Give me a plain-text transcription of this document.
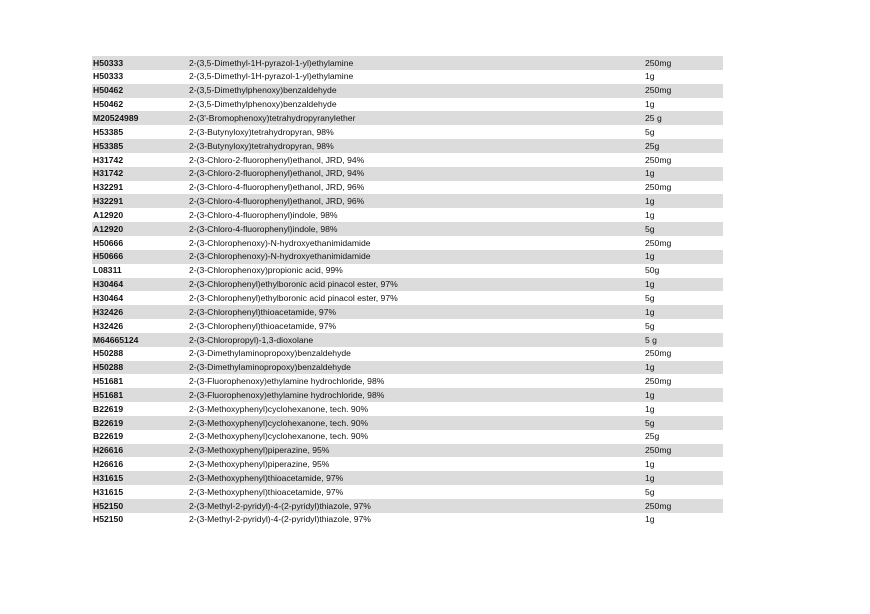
H50333	2-(3,5-Dimethyl-1H-pyrazol-1-yl)ethylamine	250mg
H50333	2-(3,5-Dimethyl-1H-pyrazol-1-yl)ethylamine	1g
H50462	2-(3,5-Dimethylphenoxy)benzaldehyde	250mg
H50462	2-(3,5-Dimethylphenoxy)benzaldehyde	1g
M20524989	2-(3'-Bromophenoxy)tetrahydropyranylether	25 g
H53385	2-(3-Butynyloxy)tetrahydropyran, 98%	5g
H53385	2-(3-Butynyloxy)tetrahydropyran, 98%	25g
H31742	2-(3-Chloro-2-fluorophenyl)ethanol, JRD, 94%	250mg
H31742	2-(3-Chloro-2-fluorophenyl)ethanol, JRD, 94%	1g
H32291	2-(3-Chloro-4-fluorophenyl)ethanol, JRD, 96%	250mg
H32291	2-(3-Chloro-4-fluorophenyl)ethanol, JRD, 96%	1g
A12920	2-(3-Chloro-4-fluorophenyl)indole, 98%	1g
A12920	2-(3-Chloro-4-fluorophenyl)indole, 98%	5g
H50666	2-(3-Chlorophenoxy)-N-hydroxyethanimidamide	250mg
H50666	2-(3-Chlorophenoxy)-N-hydroxyethanimidamide	1g
L08311	2-(3-Chlorophenoxy)propionic acid, 99%	50g
H30464	2-(3-Chlorophenyl)ethylboronic acid pinacol ester, 97%	1g
H30464	2-(3-Chlorophenyl)ethylboronic acid pinacol ester, 97%	5g
H32426	2-(3-Chlorophenyl)thioacetamide, 97%	1g
H32426	2-(3-Chlorophenyl)thioacetamide, 97%	5g
M64665124	2-(3-Chloropropyl)-1,3-dioxolane	5 g
H50288	2-(3-Dimethylaminopropoxy)benzaldehyde	250mg
H50288	2-(3-Dimethylaminopropoxy)benzaldehyde	1g
H51681	2-(3-Fluorophenoxy)ethylamine hydrochloride, 98%	250mg
H51681	2-(3-Fluorophenoxy)ethylamine hydrochloride, 98%	1g
B22619	2-(3-Methoxyphenyl)cyclohexanone, tech. 90%	1g
B22619	2-(3-Methoxyphenyl)cyclohexanone, tech. 90%	5g
B22619	2-(3-Methoxyphenyl)cyclohexanone, tech. 90%	25g
H26616	2-(3-Methoxyphenyl)piperazine, 95%	250mg
H26616	2-(3-Methoxyphenyl)piperazine, 95%	1g
H31615	2-(3-Methoxyphenyl)thioacetamide, 97%	1g
H31615	2-(3-Methoxyphenyl)thioacetamide, 97%	5g
H52150	2-(3-Methyl-2-pyridyl)-4-(2-pyridyl)thiazole, 97%	250mg
H52150	2-(3-Methyl-2-pyridyl)-4-(2-pyridyl)thiazole, 97%	1g
